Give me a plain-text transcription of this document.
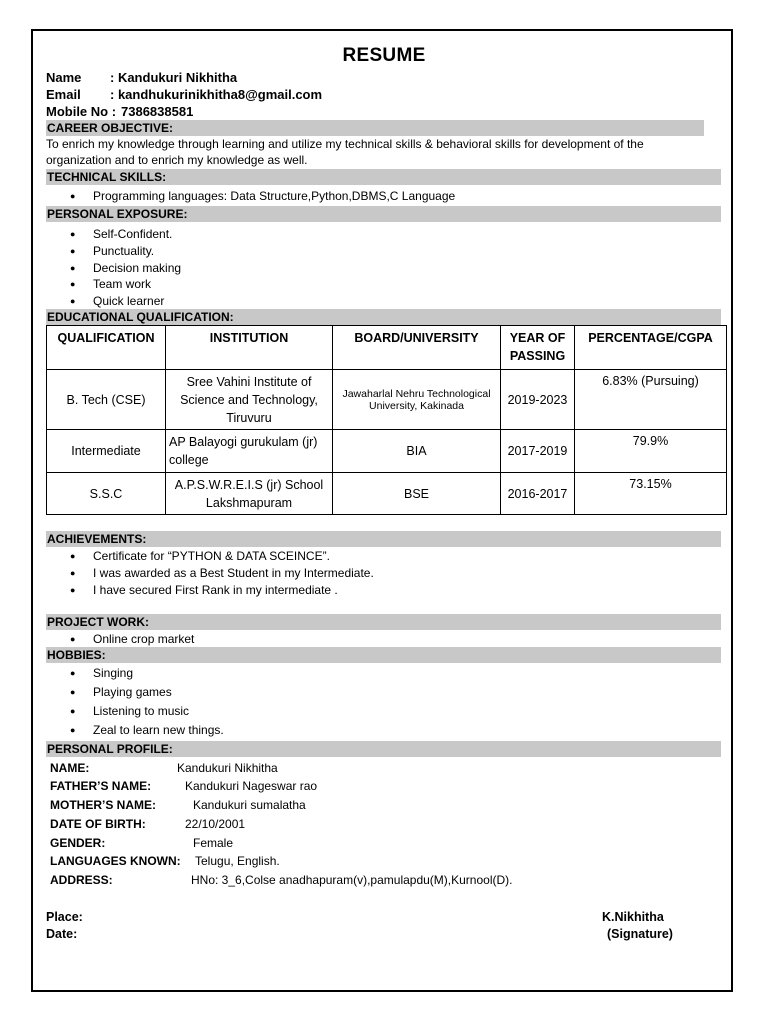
RESUME
Name : Kandukuri Nikhitha
Email : kandhukurinikhitha8@gmail.com
Mobile No : 7386838581
CAREER OBJECTIVE:
To enrich my knowledge through learning and utilize my technical skills & behavioral skills for development of the
organization and to enrich my knowledge as well.
TECHNICAL SKILLS:
● Programming languages: Data Structure,Python,DBMS,C Language
PERSONAL EXPOSURE:
● Self-Confident.
● Punctuality.
● Decision making
● Team work
● Quick learner
EDUCATIONAL QUALIFICATION:
QUALIFICATION	INSTITUTION	BOARD/UNIVERSITY	YEAR OF PASSING	PERCENTAGE/CGPA
B. Tech (CSE)	Sree Vahini Institute of Science and Technology, Tiruvuru	Jawaharlal Nehru Technological University, Kakinada	2019-2023	6.83% (Pursuing)
Intermediate	AP Balayogi gurukulam (jr) college	BIA	2017-2019	79.9%
S.S.C	A.P.S.W.R.E.I.S (jr) School Lakshmapuram	BSE	2016-2017	73.15%
ACHIEVEMENTS:
● Certificate for “PYTHON & DATA SCEINCE”.
● I was awarded as a Best Student in my Intermediate.
● I have secured First Rank in my intermediate .
PROJECT WORK:
● Online crop market
HOBBIES:
● Singing
● Playing games
● Listening to music
● Zeal to learn new things.
PERSONAL PROFILE:
NAME:	Kandukuri Nikhitha
FATHER’S NAME:	Kandukuri Nageswar rao
MOTHER’S NAME:	Kandukuri sumalatha
DATE OF BIRTH:	22/10/2001
GENDER:	Female
LANGUAGES KNOWN: Telugu, English.
ADDRESS:	HNo: 3_6,Colse anadhapuram(v),pamulapdu(M),Kurnool(D).
Place:
Date:
K.Nikhitha
(Signature)
